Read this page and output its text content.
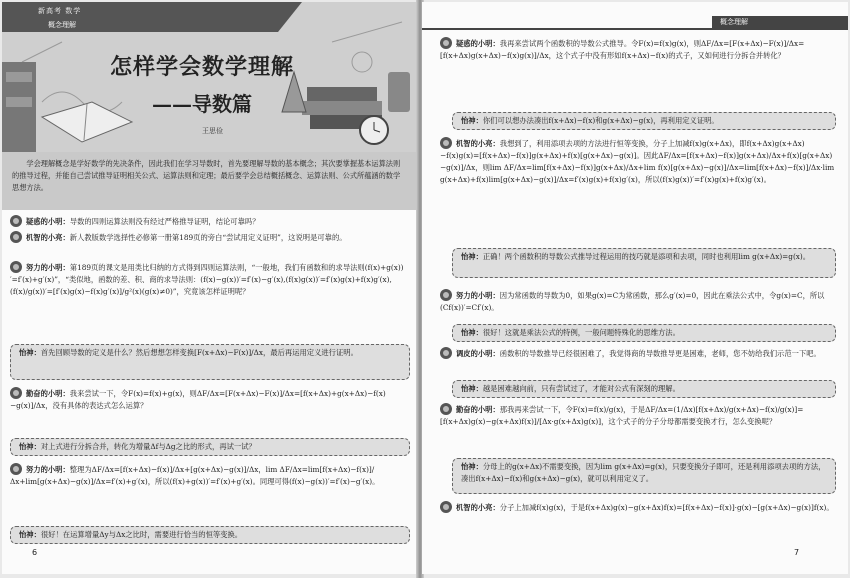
新高考 数学
概念理解
怎样学会数学理解
——导数篇
王思俭

学会理解概念是学好数学的先决条件，因此我们在学习导数时，首先要理解导数的基本概念；其次要掌握基本运算法则的推导过程，并能自己尝试推导证明相关公式、运算法则和定理；最后要学会总结概括概念、运算法则、公式所蕴涵的数学思想方法。

疑惑的小明：导数的四则运算法则没有经过严格推导证明，结论可靠吗？
机智的小亮：新人教版数学选择性必修第一册第189页的旁白“尝试用定义证明”，这说明是可靠的。
努力的小明：第189页的课文是用类比归纳的方式得到四则运算法则，“一般地，我们有函数和的求导法则(f(x)+g(x))′=f′(x)+g′(x)”，“类似地，函数的差、积、商的求导法则：(f(x)−g(x))′=f′(x)−g′(x),(f(x)g(x))′=f′(x)g(x)+f(x)g′(x),(f(x)/g(x))′=[f′(x)g(x)−f(x)g′(x)]/g²(x)(g(x)≠0)”，究竟该怎样证明呢？
怡神：首先回顾导数的定义是什么？然后想想怎样变换[F(x+Δx)−F(x)]/Δx，最后再运用定义进行证明。
勤奋的小明：我来尝试一下，令F(x)=f(x)+g(x)，则ΔF/Δx=[F(x+Δx)−F(x)]/Δx=[f(x+Δx)+g(x+Δx)−f(x)−g(x)]/Δx，没有具体的表达式怎么运算？
怡神：对上式进行分拆合并，转化为增量Δf与Δg之比的形式，再试一试？
努力的小明：整理为ΔF/Δx=[f(x+Δx)−f(x)]/Δx+[g(x+Δx)−g(x)]/Δx，lim ΔF/Δx=lim[f(x+Δx)−f(x)]/Δx+lim[g(x+Δx)−g(x)]/Δx=f′(x)+g′(x)，所以(f(x)+g(x))′=f′(x)+g′(x)。同理可得(f(x)−g(x))′=f′(x)−g′(x)。
怡神：很好！在运算增量Δy与Δx之比时，需要进行恰当的恒等变换。
6
概念理解
疑惑的小明：我再来尝试两个函数积的导数公式推导。令F(x)=f(x)g(x)，则ΔF/Δx=[F(x+Δx)−F(x)]/Δx=[f(x+Δx)g(x+Δx)−f(x)g(x)]/Δx，这个式子中没有形如f(x+Δx)−f(x)的式子，又如何进行分拆合并转化？
怡神：你们可以想办法凑出f(x+Δx)−f(x)和g(x+Δx)−g(x)，再利用定义证明。
机智的小亮：我想到了，利用添项去项的方法进行恒等变换，分子上加减f(x)g(x+Δx)，即f(x+Δx)g(x+Δx)−f(x)g(x)=[f(x+Δx)−f(x)]g(x+Δx)+f(x)[g(x+Δx)−g(x)]。因此ΔF/Δx=[f(x+Δx)−f(x)]g(x+Δx)/Δx+f(x)[g(x+Δx)−g(x)]/Δx，则lim ΔF/Δx=lim[f(x+Δx)−f(x)]g(x+Δx)/Δx+lim f(x)[g(x+Δx)−g(x)]/Δx=lim[f(x+Δx)−f(x)]/Δx·lim g(x+Δx)+f(x)lim[g(x+Δx)−g(x)]/Δx=f′(x)g(x)+f(x)g′(x)，所以(f(x)g(x))′=f′(x)g(x)+f(x)g′(x)。
怡神：正确！两个函数积的导数公式推导过程运用的技巧就是添项和去项，同时也利用lim g(x+Δx)=g(x)。
努力的小明：因为常函数的导数为0，如果g(x)=C为常函数，那么g′(x)=0，因此在乘法公式中，令g(x)=C，所以(Cf(x))′=Cf′(x)。
怡神：很好！这就是乘法公式的特例，一般问题特殊化的思维方法。
调皮的小明：函数积的导数推导已经很困难了，我觉得商的导数推导更是困难，老师，您不妨给我们示范一下吧。
怡神：越是困难越向前，只有尝试过了，才能对公式有深刻的理解。
勤奋的小明：那我再来尝试一下，令F(x)=f(x)/g(x)，于是ΔF/Δx=(1/Δx)[f(x+Δx)/g(x+Δx)−f(x)/g(x)]=[f(x+Δx)g(x)−g(x+Δx)f(x)]/[Δx·g(x+Δx)g(x)]，这个式子的分子分母都需要变换才行，怎么变换呢？
怡神：分母上的g(x+Δx)不需要变换，因为lim g(x+Δx)=g(x)，只要变换分子即可，还是利用添项去项的方法，凑出f(x+Δx)−f(x)和g(x+Δx)−g(x)，就可以利用定义了。
机智的小亮：分子上加减f(x)g(x)，于是f(x+Δx)g(x)−g(x+Δx)f(x)=[f(x+Δx)−f(x)]·g(x)−[g(x+Δx)−g(x)]f(x)。
7
